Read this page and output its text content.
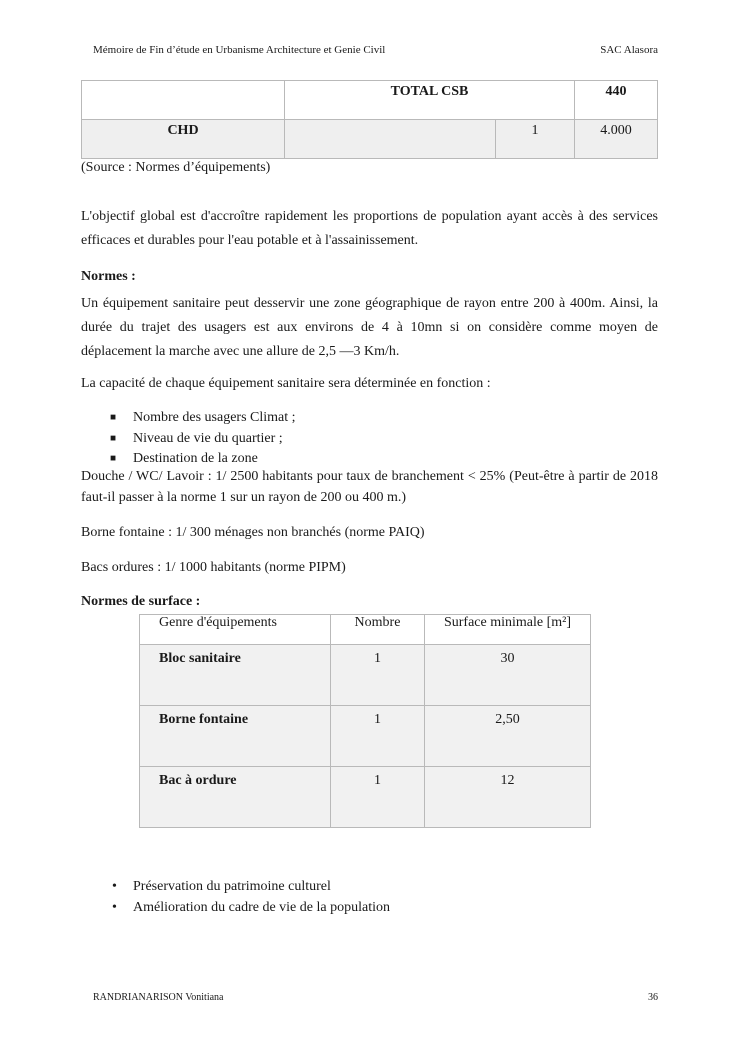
Mémoire de Fin d’étude en Urbanisme Architecture et Genie Civil	SAC Alasora

	TOTAL CSB		440

CHD		1	4.000
(Source : Normes d’équipements)
L'objectif global est d'accroître rapidement les proportions de population ayant accès à des services efficaces et durables pour l'eau potable et à l'assainissement.
Normes :
Un équipement sanitaire peut desservir une zone géographique de rayon entre 200 à 400m. Ainsi, la durée du trajet des usagers est aux environs de 4 à 10mn si on considère comme moyen de déplacement la marche avec une allure de 2,5 —3 Km/h.
La capacité de chaque équipement sanitaire sera déterminée en fonction :
■ Nombre des usagers Climat ;
■ Niveau de vie du quartier ;
■ Destination de la zone
Douche / WC/ Lavoir : 1/ 2500 habitants pour taux de branchement < 25% (Peut-être à partir de 2018 faut-il passer à la norme 1 sur un rayon de 200 ou 400 m.)
Borne fontaine : 1/ 300 ménages non branchés (norme PAIQ)
Bacs ordures : 1/ 1000 habitants (norme PIPM)
Normes de surface :
Genre d'équipements	Nombre	Surface minimale [m²]

Bloc sanitaire	1	30

Borne fontaine	1	2,50

Bac à ordure	1	12
• Préservation du patrimoine culturel
• Amélioration du cadre de vie de la population
RANDRIANARISON Vonitiana	36
